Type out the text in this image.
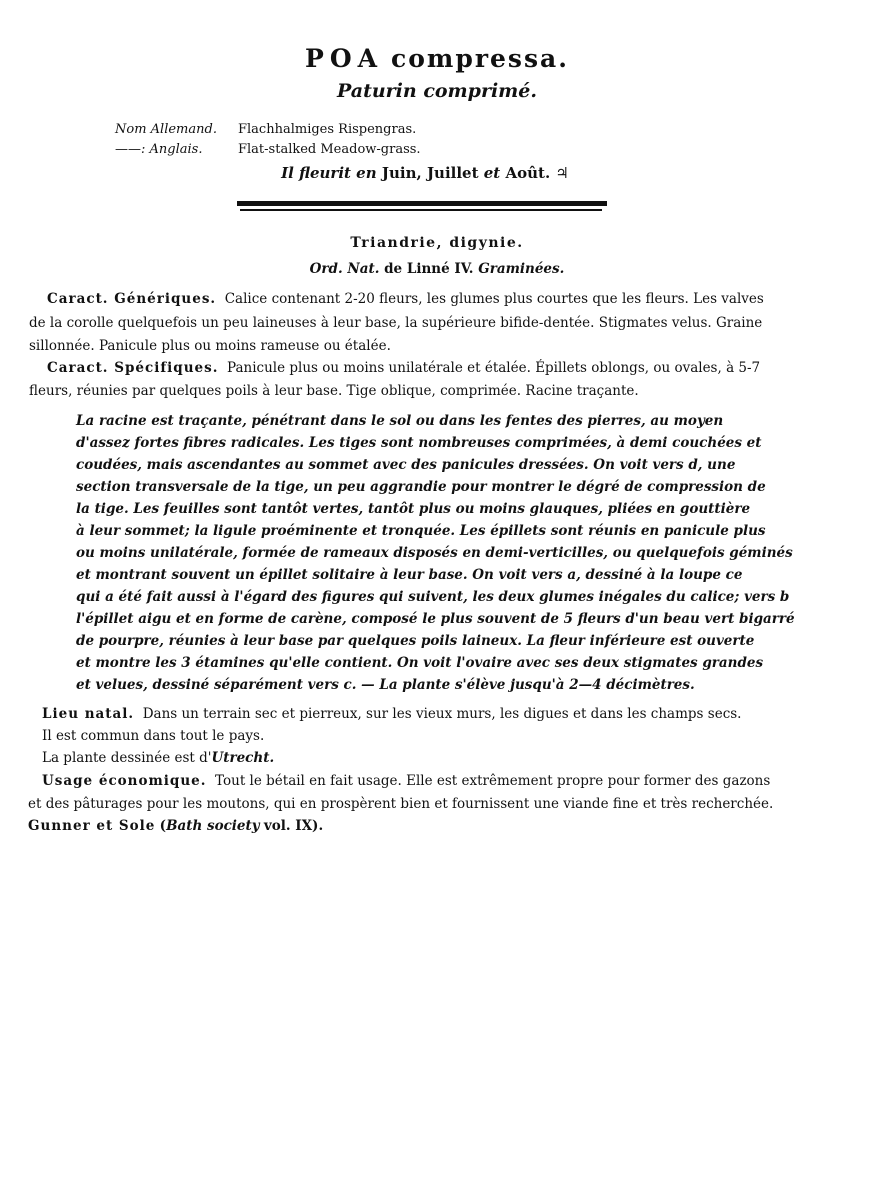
POA compressa.
Paturin comprimé.
Nom Allemand. Flachhalmiges Rispengras.
——: Anglais.	Flat-stalked Meadow-grass.
Il fleurit en Juin, Juillet et Août. ♃
Triandrie, digynie.
Ord. Nat. de Linné IV. Graminées.
Caract. Génériques. Calice contenant 2-20 fleurs, les glumes plus courtes que les fleurs. Les valves
de la corolle quelquefois un peu laineuses à leur base, la supérieure bifide-dentée. Stigmates velus. Graine
sillonnée. Panicule plus ou moins rameuse ou étalée.
Caract. Spécifiques. Panicule plus ou moins unilatérale et étalée. Épillets oblongs, ou ovales, à 5-7
fleurs, réunies par quelques poils à leur base. Tige oblique, comprimée. Racine traçante.
La racine est traçante, pénétrant dans le sol ou dans les fentes des pierres, au moyen
d'assez fortes fibres radicales. Les tiges sont nombreuses comprimées, à demi couchées et
coudées, mais ascendantes au sommet avec des panicules dressées. On voit vers d, une
section transversale de la tige, un peu aggrandie pour montrer le dégré de compression de
la tige. Les feuilles sont tantôt vertes, tantôt plus ou moins glauques, pliées en gouttière
à leur sommet; la ligule proéminente et tronquée. Les épillets sont réunis en panicule plus
ou moins unilatérale, formée de rameaux disposés en demi-verticilles, ou quelquefois géminés
et montrant souvent un épillet solitaire à leur base. On voit vers a, dessiné à la loupe ce
qui a été fait aussi à l'égard des figures qui suivent, les deux glumes inégales du calice; vers b
l'épillet aigu et en forme de carène, composé le plus souvent de 5 fleurs d'un beau vert bigarré
de pourpre, réunies à leur base par quelques poils laineux. La fleur inférieure est ouverte
et montre les 3 étamines qu'elle contient. On voit l'ovaire avec ses deux stigmates grandes
et velues, dessiné séparément vers c. — La plante s'élève jusqu'à 2—4 décimètres.
Lieu natal. Dans un terrain sec et pierreux, sur les vieux murs, les digues et dans les champs secs.
Il est commun dans tout le pays.
La plante dessinée est d'Utrecht.
Usage économique. Tout le bétail en fait usage. Elle est extrêmement propre pour former des gazons
et des pâturages pour les moutons, qui en prospèrent bien et fournissent une viande fine et très recherchée.
Gunner et Sole (Bath society vol. IX).
